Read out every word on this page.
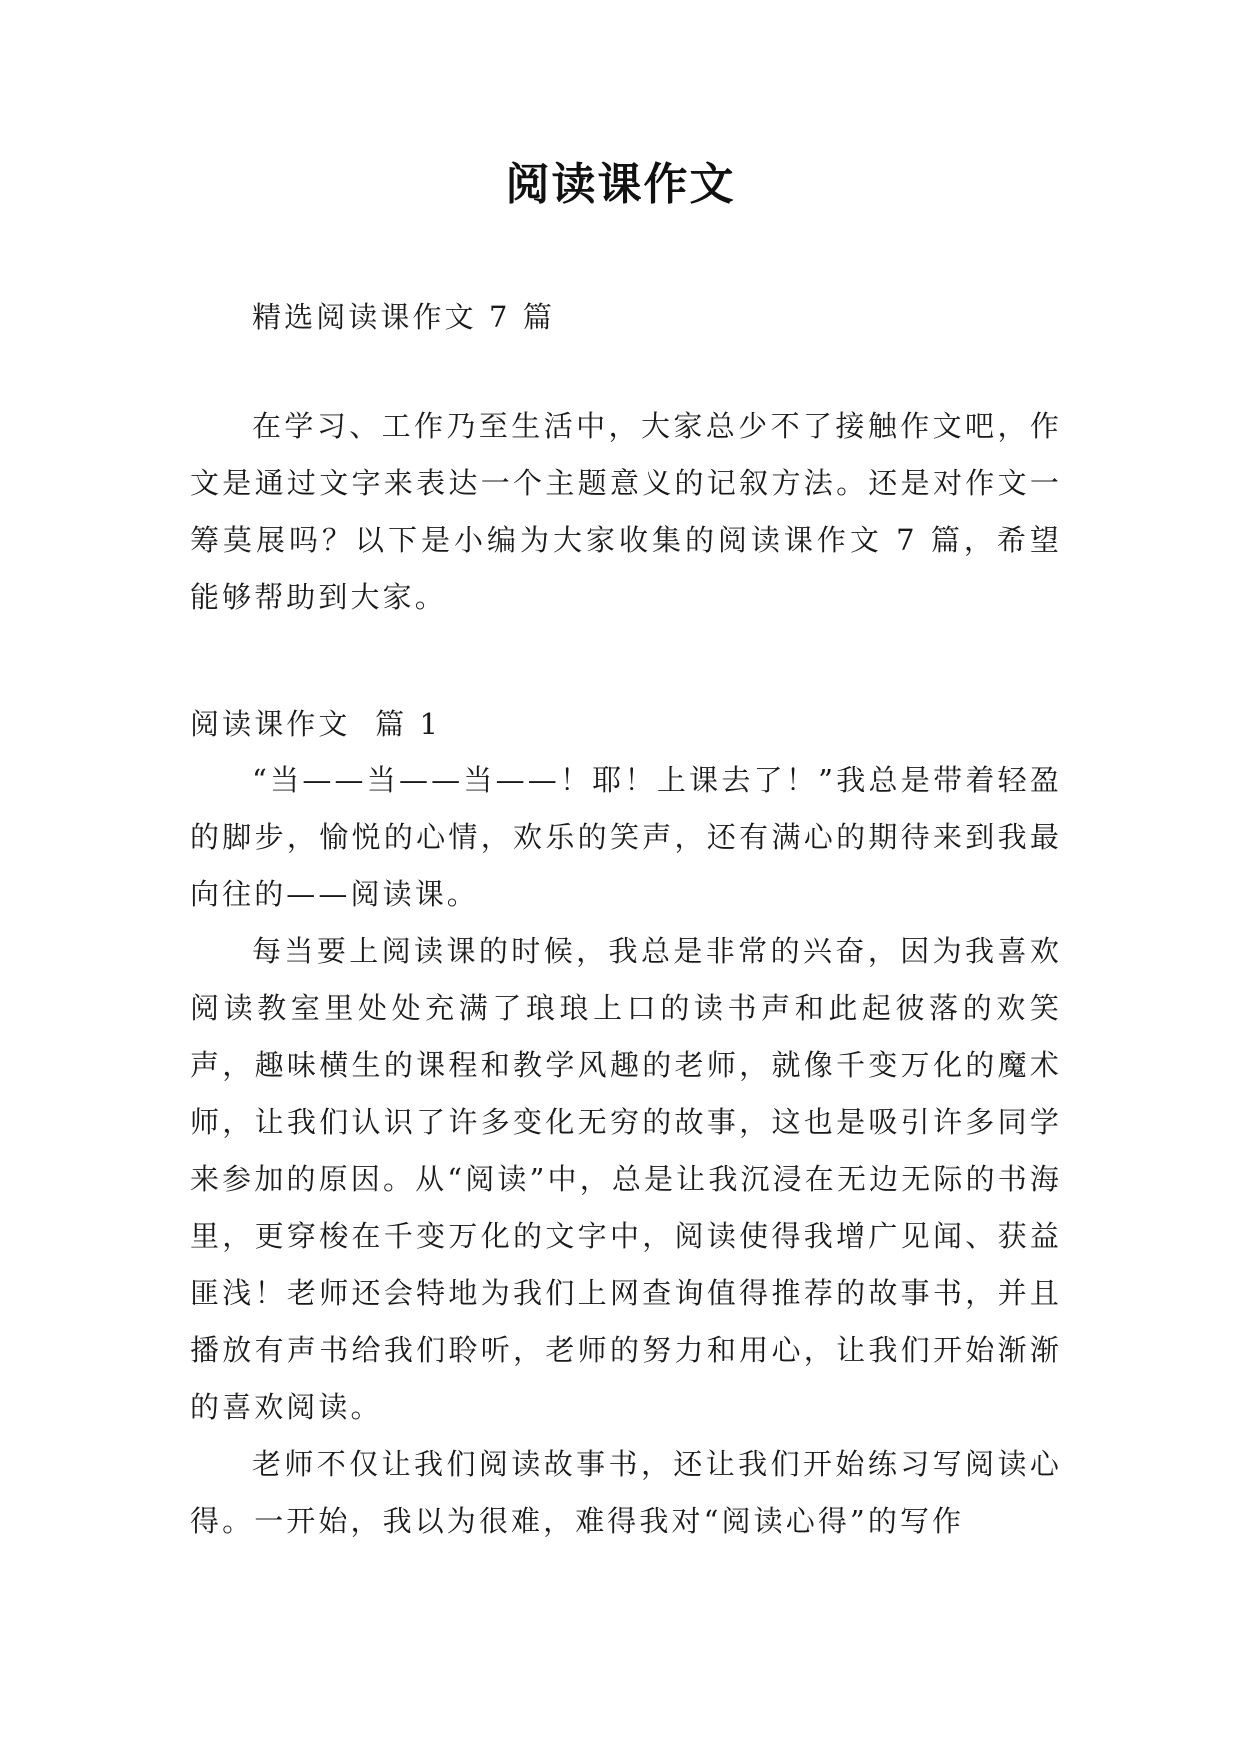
阅读课作文
精选阅读课作文 7 篇
在学习、工作乃至生活中，大家总少不了接触作文吧，作文是通过文字来表达一个主题意义的记叙方法。还是对作文一筹莫展吗？以下是小编为大家收集的阅读课作文 7 篇，希望能够帮助到大家。
阅读课作文  篇 1

“当——当——当——！耶！上课去了！”我总是带着轻盈的脚步，愉悦的心情，欢乐的笑声，还有满心的期待来到我最向往的——阅读课。

每当要上阅读课的时候，我总是非常的兴奋，因为我喜欢阅读教室里处处充满了琅琅上口的读书声和此起彼落的欢笑声，趣味横生的课程和教学风趣的老师，就像千变万化的魔术师，让我们认识了许多变化无穷的故事，这也是吸引许多同学来参加的原因。从“阅读”中，总是让我沉浸在无边无际的书海里，更穿梭在千变万化的文字中，阅读使得我增广见闻、获益匪浅！老师还会特地为我们上网查询值得推荐的故事书，并且播放有声书给我们聆听，老师的努力和用心，让我们开始渐渐的喜欢阅读。

老师不仅让我们阅读故事书，还让我们开始练习写阅读心得。一开始，我以为很难，难得我对“阅读心得”的写作
